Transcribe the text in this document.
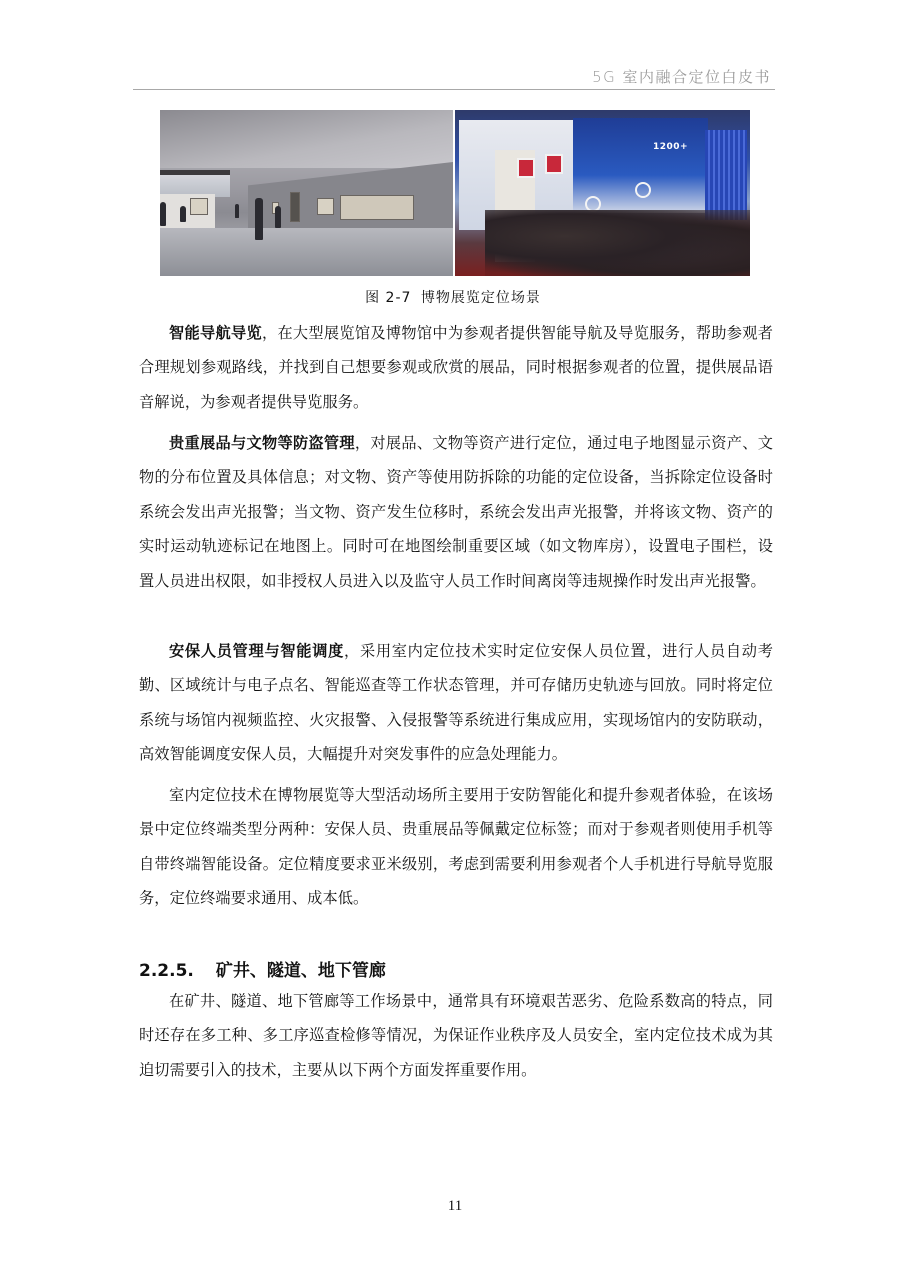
5G 室内融合定位白皮书
1200+
图 2-7 博物展览定位场景

智能导航导览，在大型展览馆及博物馆中为参观者提供智能导航及导览服务，帮助参观者合理规划参观路线，并找到自己想要参观或欣赏的展品，同时根据参观者的位置，提供展品语音解说，为参观者提供导览服务。

贵重展品与文物等防盗管理，对展品、文物等资产进行定位，通过电子地图显示资产、文物的分布位置及具体信息；对文物、资产等使用防拆除的功能的定位设备，当拆除定位设备时系统会发出声光报警；当文物、资产发生位移时，系统会发出声光报警，并将该文物、资产的实时运动轨迹标记在地图上。同时可在地图绘制重要区域（如文物库房），设置电子围栏，设置人员进出权限，如非授权人员进入以及监守人员工作时间离岗等违规操作时发出声光报警。

安保人员管理与智能调度，采用室内定位技术实时定位安保人员位置，进行人员自动考勤、区域统计与电子点名、智能巡查等工作状态管理，并可存储历史轨迹与回放。同时将定位系统与场馆内视频监控、火灾报警、入侵报警等系统进行集成应用，实现场馆内的安防联动，高效智能调度安保人员，大幅提升对突发事件的应急处理能力。

室内定位技术在博物展览等大型活动场所主要用于安防智能化和提升参观者体验，在该场景中定位终端类型分两种：安保人员、贵重展品等佩戴定位标签；而对于参观者则使用手机等自带终端智能设备。定位精度要求亚米级别，考虑到需要利用参观者个人手机进行导航导览服务，定位终端要求通用、成本低。

2.2.5. 矿井、隧道、地下管廊

在矿井、隧道、地下管廊等工作场景中，通常具有环境艰苦恶劣、危险系数高的特点，同时还存在多工种、多工序巡查检修等情况，为保证作业秩序及人员安全，室内定位技术成为其迫切需要引入的技术，主要从以下两个方面发挥重要作用。

11
